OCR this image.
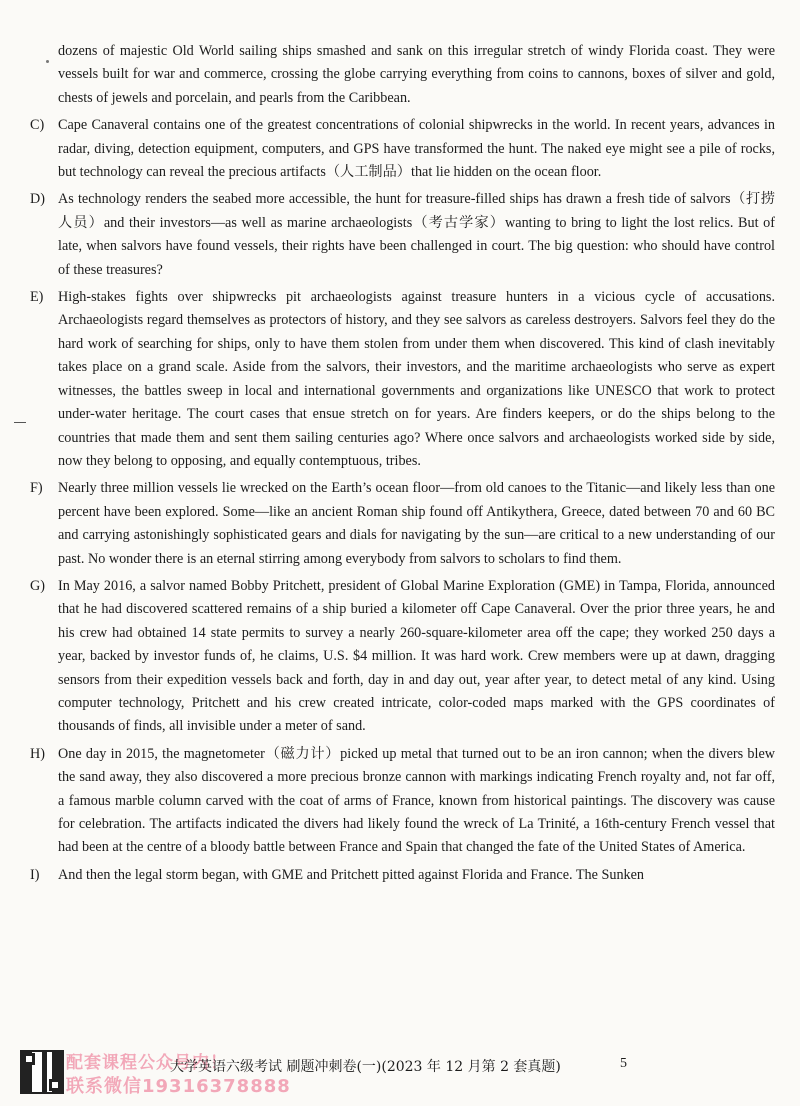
dozens of majestic Old World sailing ships smashed and sank on this irregular stretch of windy Florida coast. They were vessels built for war and commerce, crossing the globe carrying everything from coins to cannons, boxes of silver and gold, chests of jewels and porcelain, and pearls from the Caribbean.
C) Cape Canaveral contains one of the greatest concentrations of colonial shipwrecks in the world. In recent years, advances in radar, diving, detection equipment, computers, and GPS have transformed the hunt. The naked eye might see a pile of rocks, but technology can reveal the precious artifacts（人工制品）that lie hidden on the ocean floor.
D) As technology renders the seabed more accessible, the hunt for treasure-filled ships has drawn a fresh tide of salvors（打捞人员）and their investors—as well as marine archaeologists（考古学家）wanting to bring to light the lost relics. But of late, when salvors have found vessels, their rights have been challenged in court. The big question: who should have control of these treasures?
E)	High-stakes fights over shipwrecks pit archaeologists against treasure hunters in a vicious cycle of accusations. Archaeologists regard themselves as protectors of history, and they see salvors as careless destroyers. Salvors feel they do the hard work of searching for ships, only to have them stolen from under them when discovered. This kind of clash inevitably takes place on a grand scale. Aside from the salvors, their investors, and the maritime archaeologists who serve as expert witnesses, the battles sweep in local and international governments and organizations like UNESCO that work to protect under-water heritage. The court cases that ensue stretch on for years. Are finders keepers, or do the ships belong to the countries that made them and sent them sailing centuries ago? Where once salvors and archaeologists worked side by side, now they belong to opposing, and equally contemptuous, tribes.
F)	Nearly three million vessels lie wrecked on the Earth’s ocean floor—from old canoes to the Titanic—and likely less than one percent have been explored. Some—like an ancient Roman ship found off Antikythera, Greece, dated between 70 and 60 BC and carrying astonishingly sophisticated gears and dials for navigating by the sun—are critical to a new understanding of our past. No wonder there is an eternal stirring among everybody from salvors to scholars to find them.
G) In May 2016, a salvor named Bobby Pritchett, president of Global Marine Exploration (GME) in Tampa, Florida, announced that he had discovered scattered remains of a ship buried a kilometer off Cape Canaveral. Over the prior three years, he and his crew had obtained 14 state permits to survey a nearly 260-square-kilometer area off the cape; they worked 250 days a year, backed by investor funds of, he claims, U.S. $4 million. It was hard work. Crew members were up at dawn, dragging sensors from their expedition vessels back and forth, day in and day out, year after year, to detect metal of any kind. Using computer technology, Pritchett and his crew created intricate, color-coded maps marked with the GPS coordinates of thousands of finds, all invisible under a meter of sand.
H) One day in 2015, the magnetometer（磁力计）picked up metal that turned out to be an iron cannon; when the divers blew the sand away, they also discovered a more precious bronze cannon with markings indicating French royalty and, not far off, a famous marble column carved with the coat of arms of France, known from historical paintings. The discovery was cause for celebration. The artifacts indicated the divers had likely found the wreck of La Trinité, a 16th-century French vessel that had been at the centre of a bloody battle between France and Spain that changed the fate of the United States of America.
I)	And then the legal storm began, with GME and Pritchett pitted against Florida and France. The Sunken
配套课程公众号内！
联系微信19316378888
大学英语六级考试 刷题冲刺卷(一)(2023 年 12 月第 2 套真题)	5
